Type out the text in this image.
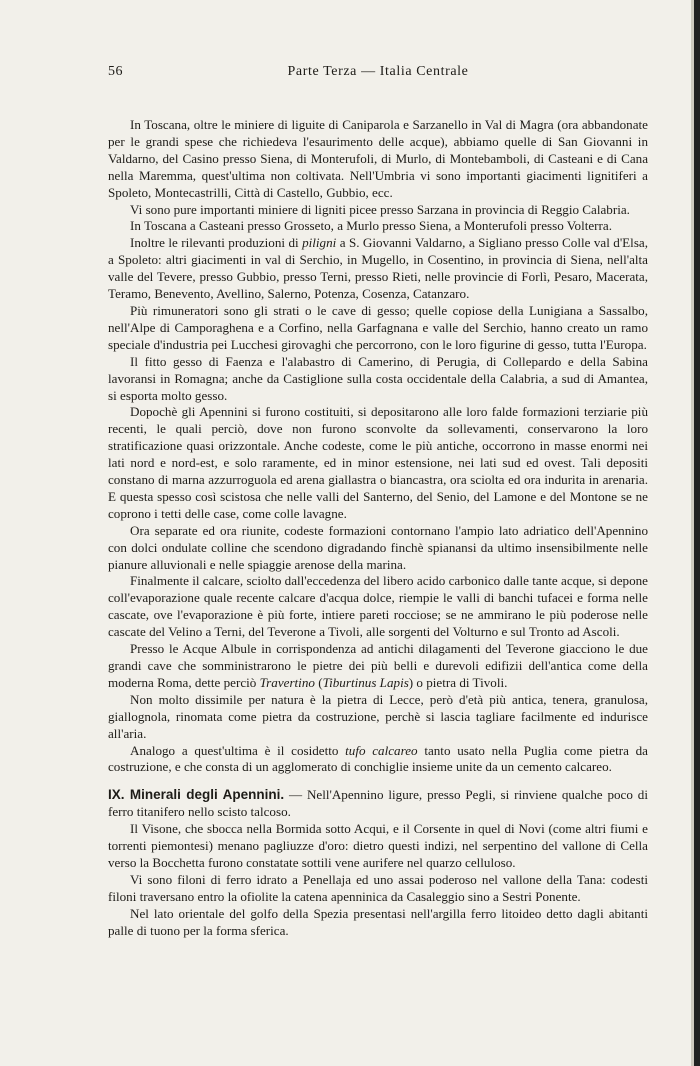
56	Parte Terza — Italia Centrale

In Toscana, oltre le miniere di liguite di Caniparola e Sarzanello in Val di Magra (ora abbandonate per le grandi spese che richiedeva l'esaurimento delle acque), abbiamo quelle di San Giovanni in Valdarno, del Casino presso Siena, di Monterufoli, di Murlo, di Montebamboli, di Casteani e di Cana nella Maremma, quest'ultima non coltivata. Nell'Umbria vi sono importanti giacimenti lignitiferi a Spoleto, Montecastrilli, Città di Castello, Gubbio, ecc.

Vi sono pure importanti miniere di ligniti picee presso Sarzana in provincia di Reggio Calabria.

In Toscana a Casteani presso Grosseto, a Murlo presso Siena, a Monterufoli presso Volterra.

Inoltre le rilevanti produzioni di piligni a S. Giovanni Valdarno, a Sigliano presso Colle val d'Elsa, a Spoleto: altri giacimenti in val di Serchio, in Mugello, in Cosentino, in provincia di Siena, nell'alta valle del Tevere, presso Gubbio, presso Terni, presso Rieti, nelle provincie di Forlì, Pesaro, Macerata, Teramo, Benevento, Avellino, Salerno, Potenza, Cosenza, Catanzaro.

Più rimuneratori sono gli strati o le cave di gesso; quelle copiose della Lunigiana a Sassalbo, nell'Alpe di Camporaghena e a Corfino, nella Garfagnana e valle del Serchio, hanno creato un ramo speciale d'industria pei Lucchesi girovaghi che percorrono, con le loro figurine di gesso, tutta l'Europa.

Il fitto gesso di Faenza e l'alabastro di Camerino, di Perugia, di Collepardo e della Sabina lavoransi in Romagna; anche da Castiglione sulla costa occidentale della Calabria, a sud di Amantea, si esporta molto gesso.

Dopochè gli Apennini si furono costituiti, si depositarono alle loro falde formazioni terziarie più recenti, le quali perciò, dove non furono sconvolte da sollevamenti, conservarono la loro stratificazione quasi orizzontale. Anche codeste, come le più antiche, occorrono in masse enormi nei lati nord e nord-est, e solo raramente, ed in minor estensione, nei lati sud ed ovest. Tali depositi constano di marna azzurroguola ed arena giallastra o biancastra, ora sciolta ed ora indurita in arenaria. E questa spesso così scistosa che nelle valli del Santerno, del Senio, del Lamone e del Montone se ne coprono i tetti delle case, come colle lavagne.

Ora separate ed ora riunite, codeste formazioni contornano l'ampio lato adriatico dell'Apennino con dolci ondulate colline che scendono digradando finchè spianansi da ultimo insensibilmente nelle pianure alluvionali e nelle spiaggie arenose della marina.

Finalmente il calcare, sciolto dall'eccedenza del libero acido carbonico dalle tante acque, si depone coll'evaporazione quale recente calcare d'acqua dolce, riempie le valli di banchi tufacei e forma nelle cascate, ove l'evaporazione è più forte, intiere pareti rocciose; se ne ammirano le più poderose nelle cascate del Velino a Terni, del Teverone a Tivoli, alle sorgenti del Volturno e sul Tronto ad Ascoli.

Presso le Acque Albule in corrispondenza ad antichi dilagamenti del Teverone giacciono le due grandi cave che somministrarono le pietre dei più belli e durevoli edifizii dell'antica come della moderna Roma, dette perciò Travertino (Tiburtinus Lapis) o pietra di Tivoli.

Non molto dissimile per natura è la pietra di Lecce, però d'età più antica, tenera, granulosa, giallognola, rinomata come pietra da costruzione, perchè si lascia tagliare facilmente ed indurisce all'aria.

Analogo a quest'ultima è il cosidetto tufo calcareo tanto usato nella Puglia come pietra da costruzione, e che consta di un agglomerato di conchiglie insieme unite da un cemento calcareo.

IX. Minerali degli Apennini. — Nell'Apennino ligure, presso Pegli, si rinviene qualche poco di ferro titanifero nello scisto talcoso.

Il Visone, che sbocca nella Bormida sotto Acqui, e il Corsente in quel di Novi (come altri fiumi e torrenti piemontesi) menano pagliuzze d'oro: dietro questi indizi, nel serpentino del vallone di Cella verso la Bocchetta furono constatate sottili vene aurifere nel quarzo celluloso.

Vi sono filoni di ferro idrato a Penellaja ed uno assai poderoso nel vallone della Tana: codesti filoni traversano entro la ofiolite la catena apenninica da Casaleggio sino a Sestri Ponente.

Nel lato orientale del golfo della Spezia presentasi nell'argilla ferro litoideo detto dagli abitanti palle di tuono per la forma sferica.
